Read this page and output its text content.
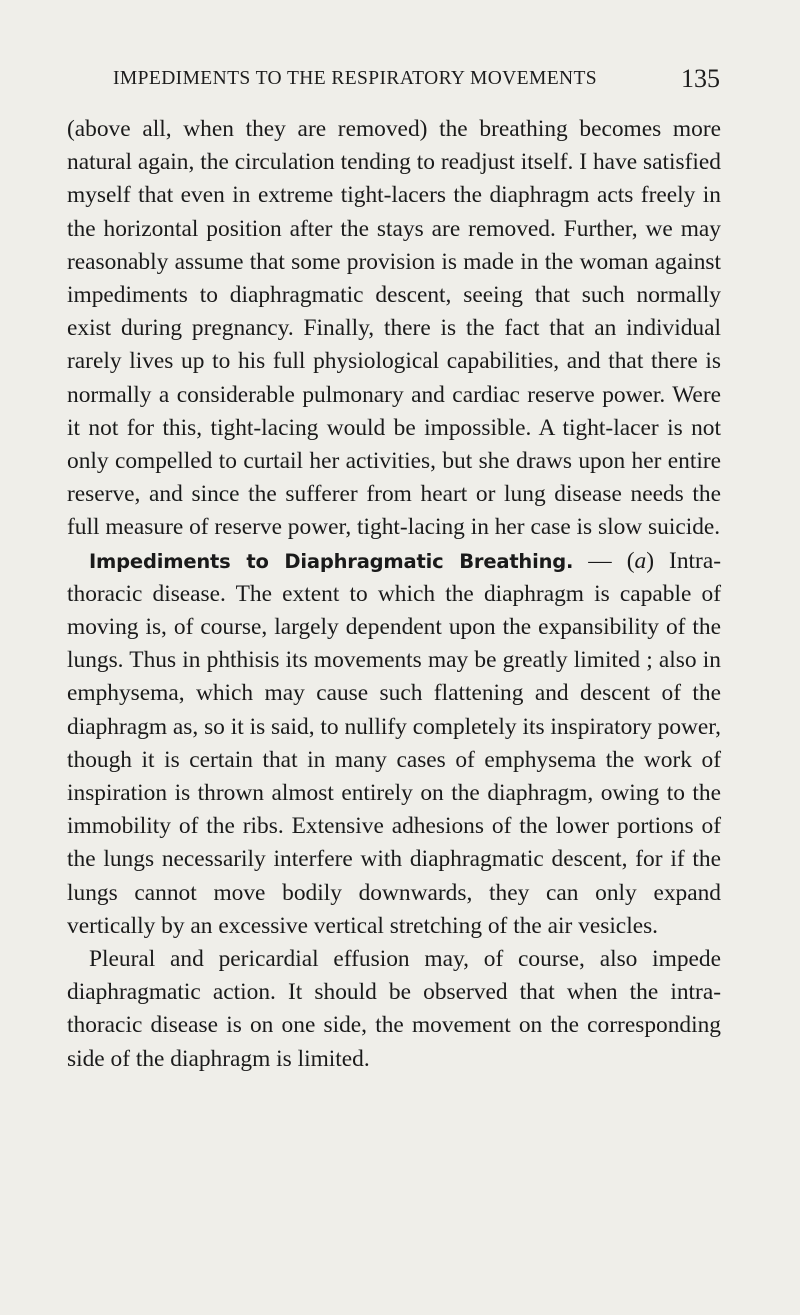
IMPEDIMENTS TO THE RESPIRATORY MOVEMENTS	135

(above all, when they are removed) the breathing becomes more natural again, the circulation tending to readjust itself. I have satisfied myself that even in extreme tight-lacers the diaphragm acts freely in the horizontal position after the stays are removed. Further, we may reasonably assume that some provision is made in the woman against impediments to diaphragmatic descent, seeing that such normally exist during pregnancy. Finally, there is the fact that an individual rarely lives up to his full physiological capabilities, and that there is normally a considerable pulmonary and cardiac reserve power. Were it not for this, tight-lacing would be impossible. A tight-lacer is not only compelled to curtail her activities, but she draws upon her entire reserve, and since the sufferer from heart or lung disease needs the full measure of reserve power, tight-lacing in her case is slow suicide.

Impediments to Diaphragmatic Breathing. — (a) Intra-thoracic disease. The extent to which the diaphragm is capable of moving is, of course, largely dependent upon the expansibility of the lungs. Thus in phthisis its movements may be greatly limited ; also in emphysema, which may cause such flattening and descent of the diaphragm as, so it is said, to nullify completely its inspiratory power, though it is certain that in many cases of emphysema the work of inspiration is thrown almost entirely on the diaphragm, owing to the immobility of the ribs. Extensive adhesions of the lower portions of the lungs necessarily interfere with diaphragmatic descent, for if the lungs cannot move bodily downwards, they can only expand vertically by an excessive vertical stretching of the air vesicles.

Pleural and pericardial effusion may, of course, also impede diaphragmatic action. It should be observed that when the intra-thoracic disease is on one side, the movement on the corresponding side of the diaphragm is limited.
